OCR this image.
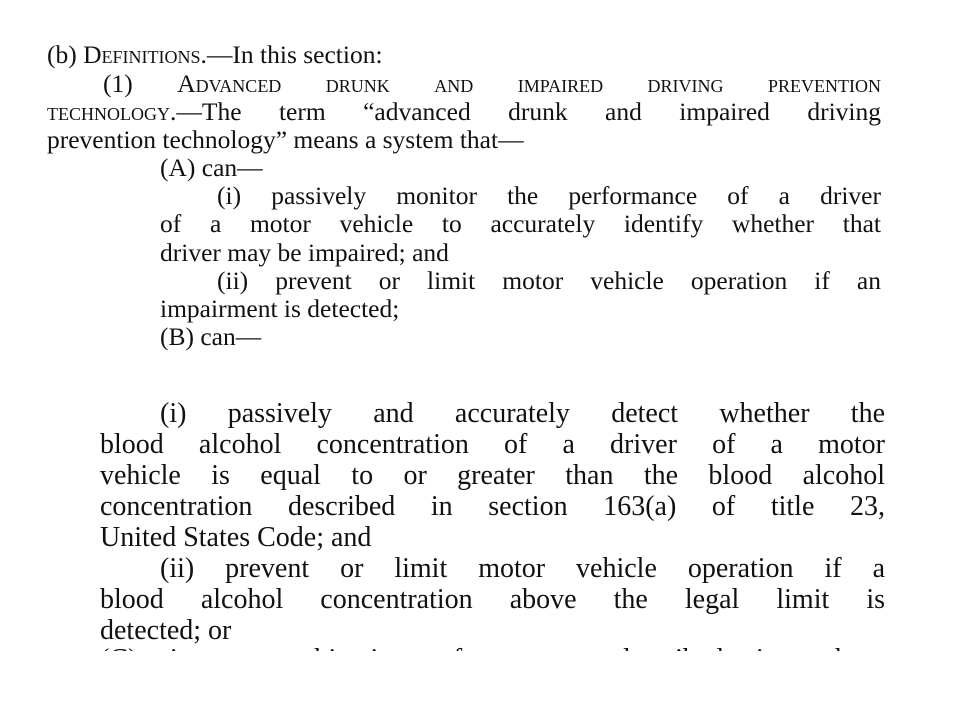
(b) Definitions.—In this section:
(1) Advanced drunk and impaired driving prevention
technology.—The term “advanced drunk and impaired driving
prevention technology” means a system that—
(A) can—
(i) passively monitor the performance of a driver
of a motor vehicle to accurately identify whether that
driver may be impaired; and
(ii) prevent or limit motor vehicle operation if an
impairment is detected;
(B) can—
(i) passively and accurately detect whether the
blood alcohol concentration of a driver of a motor
vehicle is equal to or greater than the blood alcohol
concentration described in section 163(a) of title 23,
United States Code; and
(ii) prevent or limit motor vehicle operation if a
blood alcohol concentration above the legal limit is
detected; or
